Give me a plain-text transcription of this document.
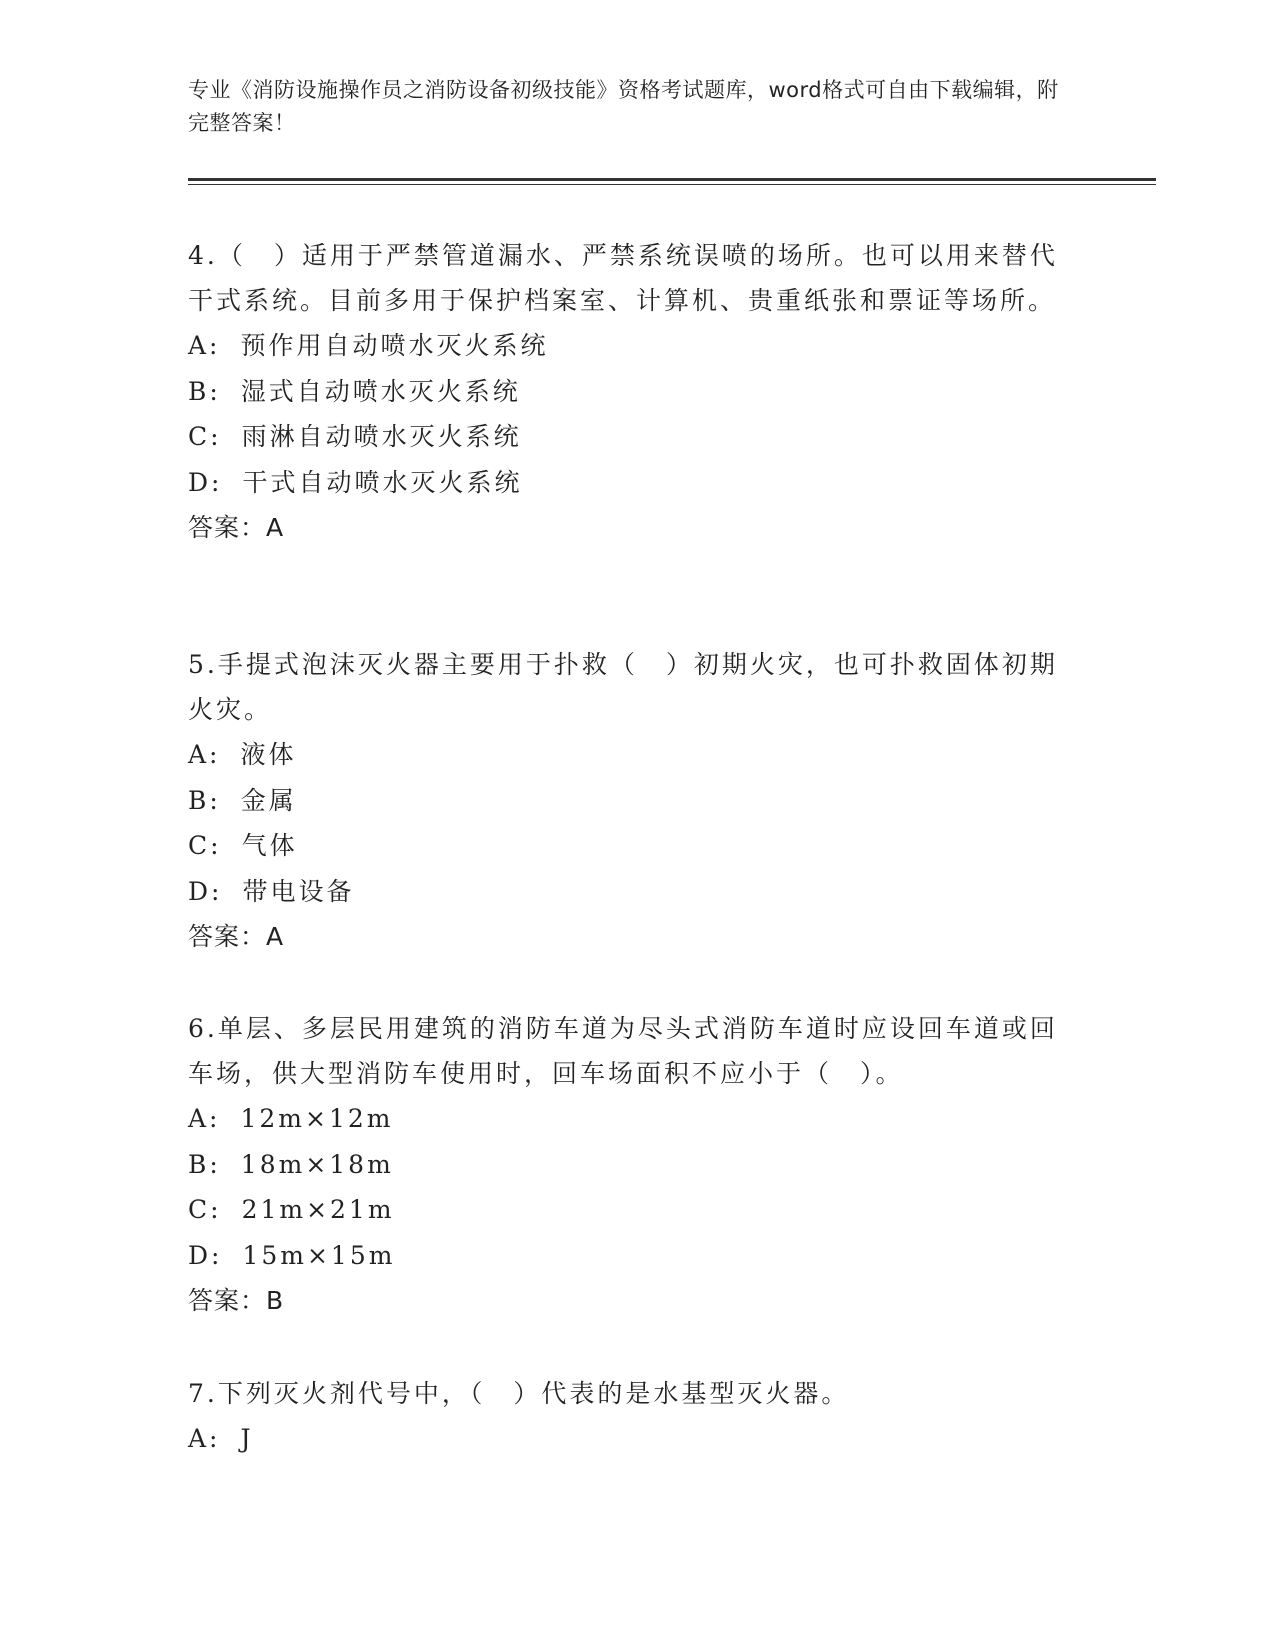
专业《消防设施操作员之消防设备初级技能》资格考试题库，word格式可自由下载编辑，附完整答案！

4.（　）适用于严禁管道漏水、严禁系统误喷的场所。也可以用来替代干式系统。目前多用于保护档案室、计算机、贵重纸张和票证等场所。

A: 预作用自动喷水灭火系统

B: 湿式自动喷水灭火系统

C: 雨淋自动喷水灭火系统

D: 干式自动喷水灭火系统

答案：A

5.手提式泡沫灭火器主要用于扑救（　）初期火灾，也可扑救固体初期火灾。

A: 液体

B: 金属

C: 气体

D: 带电设备

答案：A

6.单层、多层民用建筑的消防车道为尽头式消防车道时应设回车道或回车场，供大型消防车使用时，回车场面积不应小于（　）。

A: 12m×12m

B: 18m×18m

C: 21m×21m

D: 15m×15m

答案：B

7.下列灭火剂代号中，（　）代表的是水基型灭火器。

A: J
